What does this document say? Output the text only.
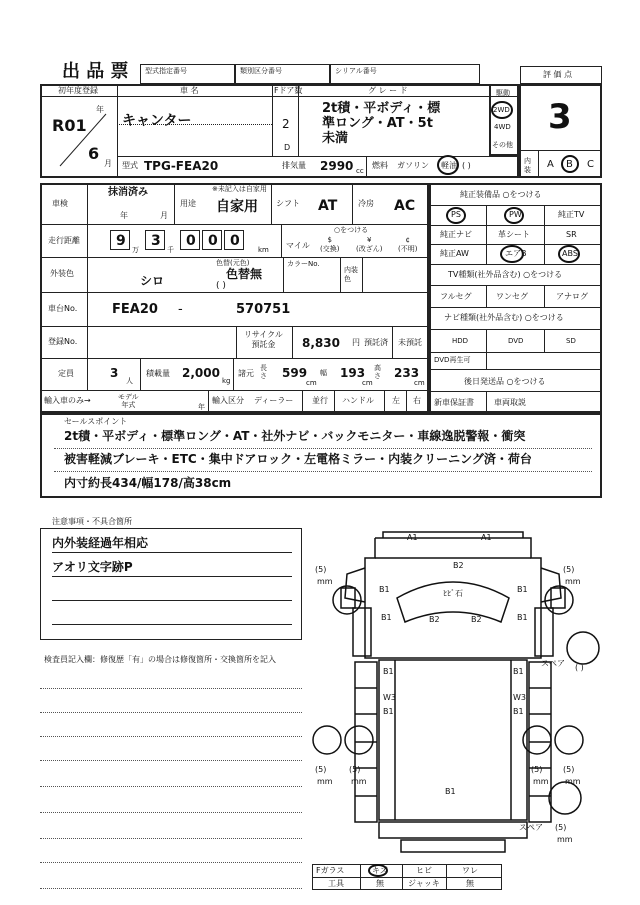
出 品 票 型式指定番号	類別区分番号	シリアル番号	評 価 点
初年度登録
R01
年
6
月
車 名
キャンター
型式 TPG-FEA20
Fドア数
2
D
グ レ ー ド
2t積・平ボディ・標
準ロング・AT・5t
未満
排気量 2990 cc
燃料 ガソリン 軽油 ( )
駆動
2WD
4WD
その他
3
内装	A B C
車検
抹消済み
年	月
用途
※未記入は自家用
自家用 シフト AT	冷房 AC
走行距離	9
万
3
千
0 0 0
km
○をつける
マイル
$
(交換)
¥
(改ざん)
¢
(不明)
外装色
シロ
色替(元色)
色替無
( )
カラーNo.
内装
色
車台No.	FEA20 -	570751
登録No.
リサイクル
預託金	8,830 円 預託済 未預託
定員	3
人
積載量 2,000
kg
諸元
長さ 599
cm
幅 193
cm
高さ 233
cm
輸入車のみ→	モデル
年式	年
輸入区分 ディーラー 並行 ハンドル 左 右
純正装備品 ○をつける
PS	PW	純正TV
純正ナビ	革シート	SR
純正AW	エアB	ABS
TV種類(社外品含む) ○をつける
フルセグ	ワンセグ	アナログ
ナビ種類(社外品含む) ○をつける
HDD	DVD	SD
DVD再生可
後日発送品 ○をつける
新車保証書	車両取説
セールスポイント
2t積・平ボディ・標準ロング・AT・社外ナビ・バックモニター・車線逸脱警報・衝突
被害軽減ブレーキ・ETC・集中ドアロック・左電格ミラー・内装クリーニング済・荷台
内寸約長434/幅178/高38cm
注意事項・不具合箇所
内外装経過年相応
アオリ文字跡P
検査員記入欄：修復歴「有」の場合は修復箇所・交換箇所を記入
A1	A1
B2
ﾋﾋﾞ石
B1	B1
B1	B1
B2	B2
B1
B1
W3
B1
W3
B1
B1
(5)
mm
(5)
mm
スペア ( )
(5)
mm
(5)
mm
(5)
mm
(5)
mm
スペア (5)
mm
Fガラス	キズ	ヒビ	ワレ
工具	無	ジャッキ	無
